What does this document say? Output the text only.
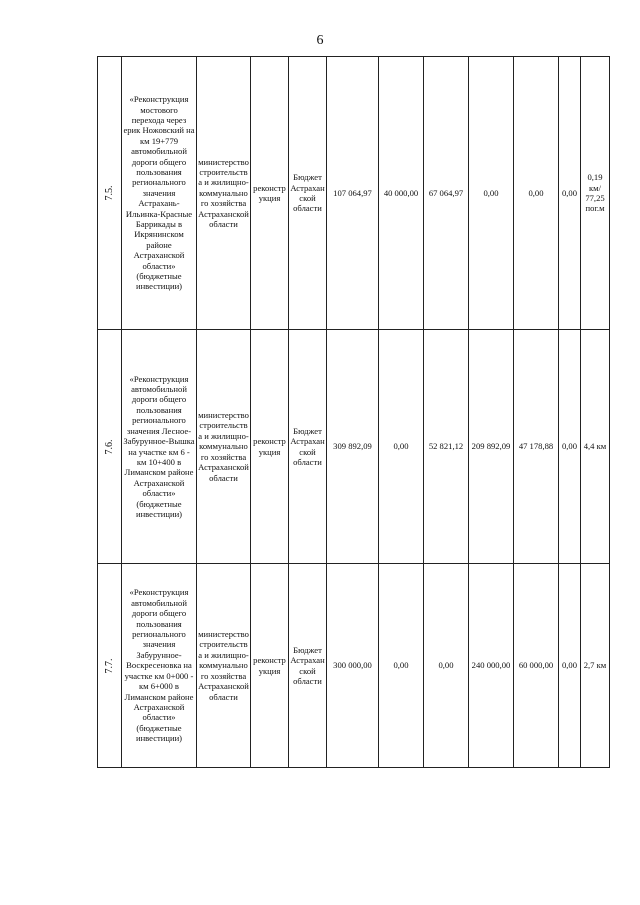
6
7.5.	«Реконструкция мостового перехода через ерик Ножовский на км 19+779 автомобильной дороги общего пользования регионального значения Астрахань-Ильинка-Красные Баррикады в Икрянинском районе Астраханской области» (бюджетные инвестиции)	министерство строительства и жилищно-коммунального хозяйства Астраханской области	реконструкция	Бюджет Астраханской области	107 064,97	40 000,00	67 064,97	0,00	0,00	0,00	0,19 км/ 77,25 пог.м

7.6.	«Реконструкция автомобильной дороги общего пользования регионального значения Лесное-Забурунное-Вышка на участке км 6 - км 10+400 в Лиманском районе Астраханской области» (бюджетные инвестиции)	министерство строительства и жилищно-коммунального хозяйства Астраханской области	реконструкция	Бюджет Астраханской области	309 892,09	0,00	52 821,12	209 892,09	47 178,88	0,00	4,4 км

7.7.	«Реконструкция автомобильной дороги общего пользования регионального значения Забурунное-Воскресеновка на участке км 0+000 - км 6+000 в Лиманском районе Астраханской области» (бюджетные инвестиции)	министерство строительства и жилищно-коммунального хозяйства Астраханской области	реконструкция	Бюджет Астраханской области	300 000,00	0,00	0,00	240 000,00	60 000,00	0,00	2,7 км
